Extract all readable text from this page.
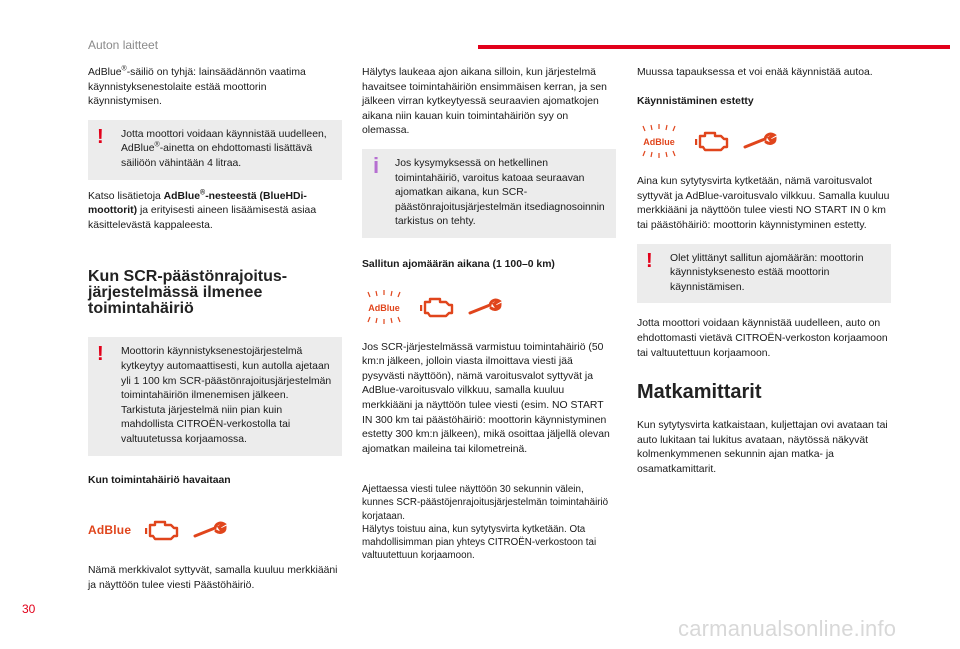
Auton laitteet

AdBlue®-säiliö on tyhjä: lainsäädännön vaatima käynnistyksenestolaite estää moottorin käynnistymisen.

! Jotta moottori voidaan käynnistää uudelleen, AdBlue®-ainetta on ehdottomasti lisättävä säiliöön vähintään 4 litraa.

Katso lisätietoja AdBlue®-nesteestä (BlueHDi-moottorit) ja erityisesti aineen lisäämisestä asiaa käsittelevästä kappaleesta.

Kun SCR-päästönrajoitus-järjestelmässä ilmenee toimintahäiriö
! Moottorin käynnistyksenestojärjestelmä kytkeytyy automaattisesti, kun autolla ajetaan yli 1 100 km SCR-päästönrajoitusjärjestelmän toimintahäiriön ilmenemisen jälkeen. Tarkistuta järjestelmä niin pian kuin mahdollista CITROËN-verkostolla tai valtuutetussa korjaamossa.
Kun toimintahäiriö havaitaan
AdBlue

Nämä merkkivalot syttyvät, samalla kuuluu merkkiääni ja näyttöön tulee viesti Päästöhäiriö.

Hälytys laukeaa ajon aikana silloin, kun järjestelmä havaitsee toimintahäiriön ensimmäisen kerran, ja sen jälkeen virran kytkeytyessä seuraavien ajomatkojen aikana niin kauan kuin toimintahäiriön syy on olemassa.

i Jos kysymyksessä on hetkellinen toimintahäiriö, varoitus katoaa seuraavan ajomatkan aikana, kun SCR-päästönrajoitusjärjestelmän itsediagnosoinnin tarkistus on tehty.
Sallitun ajomäärän aikana (1 100–0 km)
AdBlue

Jos SCR-järjestelmässä varmistuu toimintahäiriö (50 km:n jälkeen, jolloin viasta ilmoittava viesti jää pysyvästi näyttöön), nämä varoitusvalot syttyvät ja AdBlue-varoitusvalo vilkkuu, samalla kuuluu merkkiääni ja näyttöön tulee viesti (esim. NO START IN 300 km tai päästöhäiriö: moottorin käynnistyminen estetty 300 km:n jälkeen), mikä osoittaa jäljellä olevan ajomatkan maileina tai kilometreinä.

Ajettaessa viesti tulee näyttöön 30 sekunnin välein, kunnes SCR-päästöjenrajoitusjärjestelmän toimintahäiriö korjataan.

Hälytys toistuu aina, kun sytytysvirta kytketään. Ota mahdollisimman pian yhteys CITROËN-verkostoon tai valtuutettuun korjaamoon.

Muussa tapauksessa et voi enää käynnistää autoa.

Käynnistäminen estetty
AdBlue

Aina kun sytytysvirta kytketään, nämä varoitusvalot syttyvät ja AdBlue-varoitusvalo vilkkuu. Samalla kuuluu merkkiääni ja näyttöön tulee viesti NO START IN 0 km tai päästöhäiriö: moottorin käynnistyminen estetty.

! Olet ylittänyt sallitun ajomäärän: moottorin käynnistyksenesto estää moottorin käynnistämisen.

Jotta moottori voidaan käynnistää uudelleen, auto on ehdottomasti vietävä CITROËN-verkoston korjaamoon tai valtuutettuun korjaamoon.

Matkamittarit

Kun sytytysvirta katkaistaan, kuljettajan ovi avataan tai auto lukitaan tai lukitus avataan, näytössä näkyvät kolmenkymmenen sekunnin ajan matka- ja osamatkamittarit.

30
carmanualsonline.info
